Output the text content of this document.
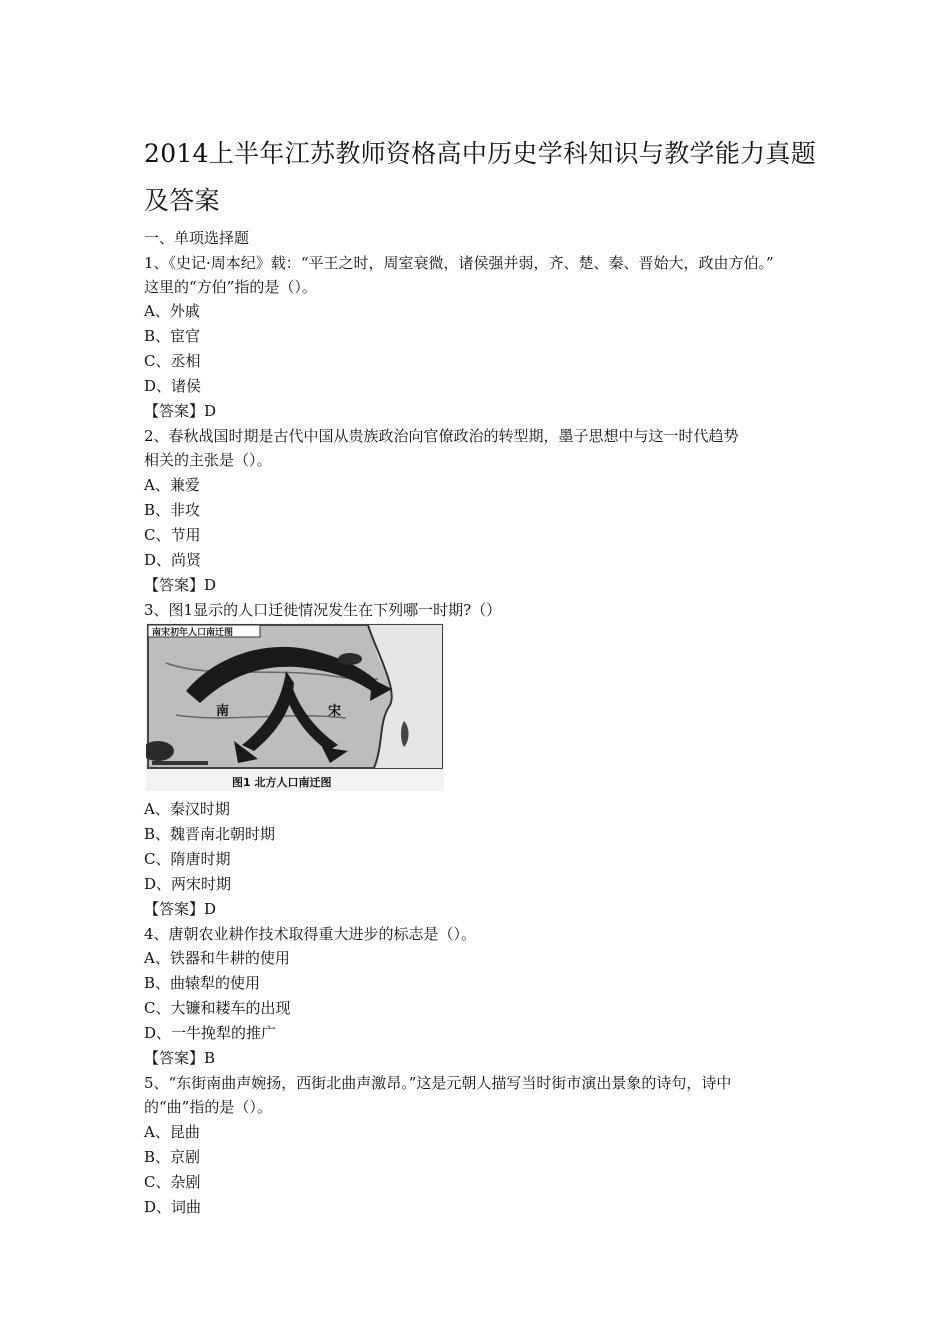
2014上半年江苏教师资格高中历史学科知识与教学能力真题及答案
一、单项选择题
1、《史记·周本纪》载：“平王之时，周室衰微，诸侯强并弱，齐、楚、秦、晋始大，政由方伯。”
这里的“方伯”指的是（）。
A、外戚
B、宦官
C、丞相
D、诸侯
【答案】D
2、春秋战国时期是古代中国从贵族政治向官僚政治的转型期，墨子思想中与这一时代趋势
相关的主张是（）。
A、兼爱
B、非攻
C、节用
D、尚贤
【答案】D
3、图1显示的人口迁徙情况发生在下列哪一时期?（）
南宋初年人口南迁图
南	宋
图1 北方人口南迁图
A、秦汉时期
B、魏晋南北朝时期
C、隋唐时期
D、两宋时期
【答案】D
4、唐朝农业耕作技术取得重大进步的标志是（）。
A、铁器和牛耕的使用
B、曲辕犁的使用
C、大镰和耧车的出现
D、一牛挽犁的推广
【答案】B
5、“东街南曲声婉扬，西街北曲声激昂。”这是元朝人描写当时街市演出景象的诗句，诗中
的“曲”指的是（）。
A、昆曲
B、京剧
C、杂剧
D、词曲
